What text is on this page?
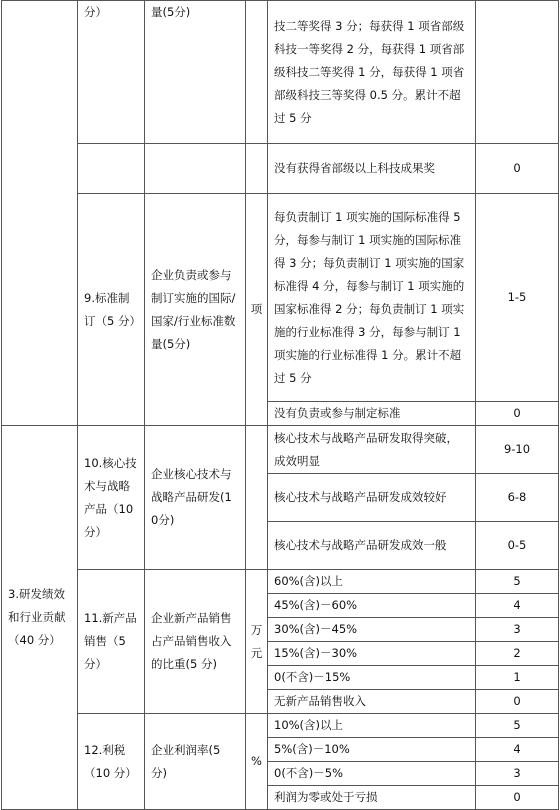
	分）	量(5分)		技二等奖得 3 分；每获得 1 项省部级科技一等奖得 2 分，每获得 1 项省部级科技二等奖得 1 分，每获得 1 项省部级科技三等奖得 0.5 分。累计不超过 5 分	
				没有获得省部级以上科技成果奖	0
	9.标准制订（5 分）	企业负责或参与制订实施的国际/国家/行业标准数量(5分)	项	每负责制订 1 项实施的国际标准得 5 分，每参与制订 1 项实施的国际标准得 3 分；每负责制订 1 项实施的国家标准得 4 分，每参与制订 1 项实施的国家标准得 2 分；每负责制订 1 项实施的行业标准得 3 分，每参与制订 1 项实施的行业标准得 1 分。累计不超过 5 分	1-5
				没有负责或参与制定标准	0
3.研发绩效和行业贡献（40 分）	10.核心技术与战略产品（10 分）	企业核心技术与战略产品研发(10分)		核心技术与战略产品研发取得突破，成效明显	9-10
				核心技术与战略产品研发成效较好	6-8
				核心技术与战略产品研发成效一般	0-5
	11.新产品销售（5 分）	企业新产品销售占产品销售收入的比重(5 分)	万元	60%(含)以上	5
				45%(含)－60%	4
				30%(含)－45%	3
				15%(含)－30%	2
				0(不含)－15%	1
				无新产品销售收入	0
	12.利税（10 分）	企业利润率(5 分)	%	10%(含)以上	5
				5%(含)－10%	4
				0(不含)－5%	3
				利润为零或处于亏损	0
